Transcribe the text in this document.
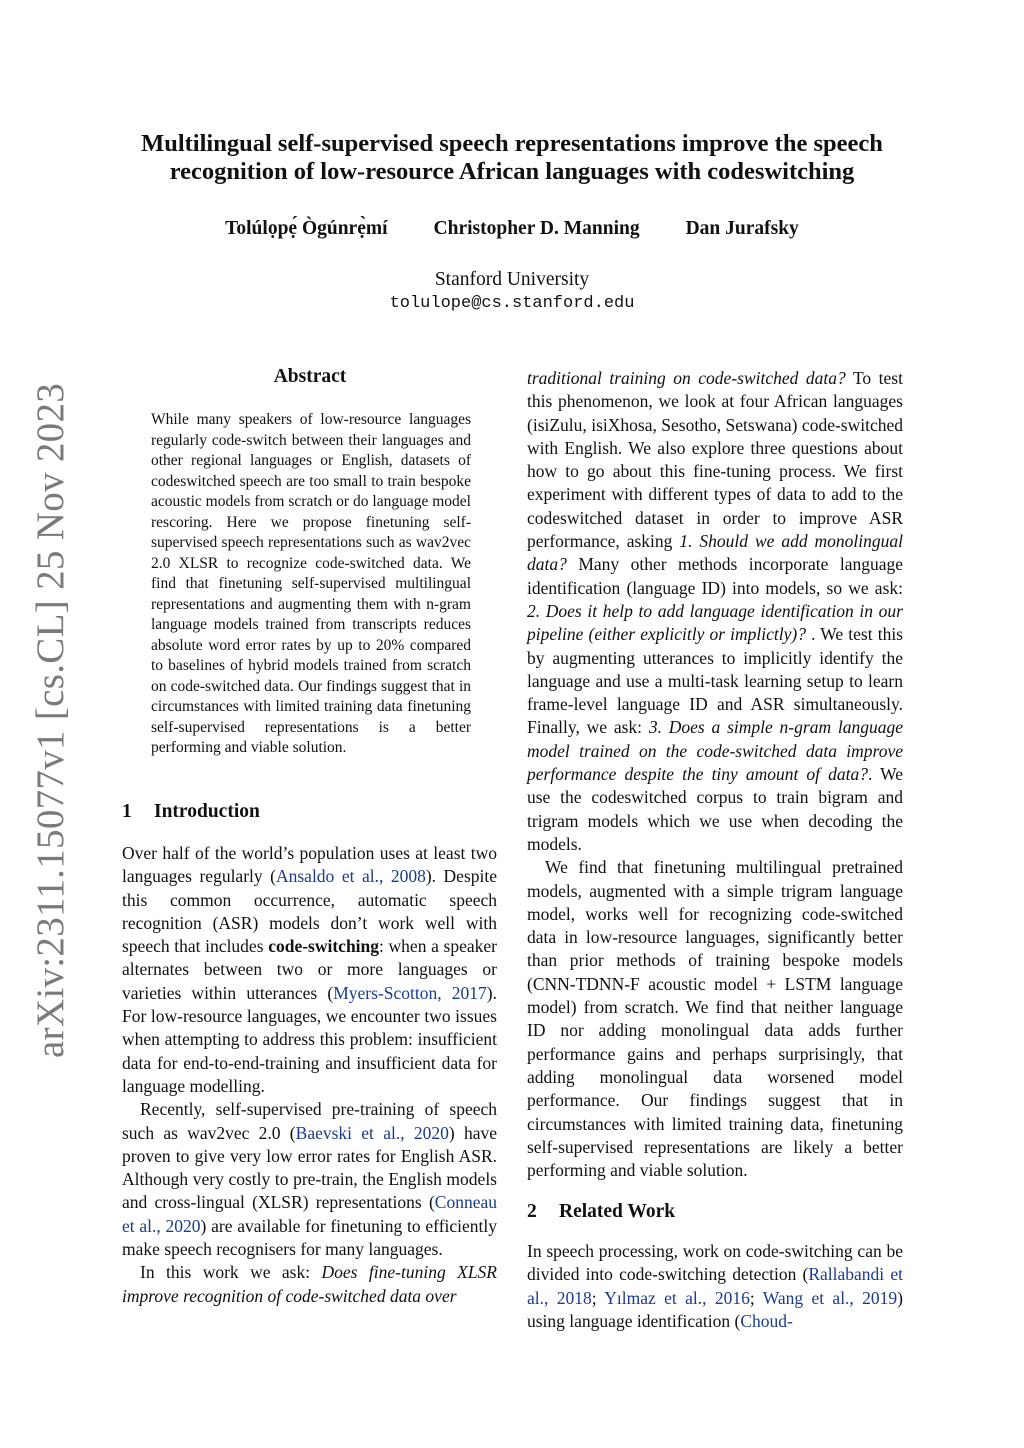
arXiv:2311.15077v1 [cs.CL] 25 Nov 2023
Multilingual self-supervised speech representations improve the speech recognition of low-resource African languages with codeswitching
Tolúlọpẹ́ Ògúnrẹ̀mí Christopher D. Manning Dan Jurafsky
Stanford University
tolulope@cs.stanford.edu
Abstract
While many speakers of low-resource languages regularly code-switch between their languages and other regional languages or English, datasets of codeswitched speech are too small to train bespoke acoustic models from scratch or do language model rescoring. Here we propose finetuning self-supervised speech representations such as wav2vec 2.0 XLSR to recognize code-switched data. We find that finetuning self-supervised multilingual representations and augmenting them with n-gram language models trained from transcripts reduces absolute word error rates by up to 20% compared to baselines of hybrid models trained from scratch on code-switched data. Our findings suggest that in circumstances with limited training data finetuning self-supervised representations is a better performing and viable solution.
1 Introduction

Over half of the world’s population uses at least two languages regularly (Ansaldo et al., 2008). Despite this common occurrence, automatic speech recognition (ASR) models don’t work well with speech that includes code-switching: when a speaker alternates between two or more languages or varieties within utterances (Myers-Scotton, 2017). For low-resource languages, we encounter two issues when attempting to address this problem: insufficient data for end-to-end-training and insufficient data for language modelling.

Recently, self-supervised pre-training of speech such as wav2vec 2.0 (Baevski et al., 2020) have proven to give very low error rates for English ASR. Although very costly to pre-train, the English models and cross-lingual (XLSR) representations (Conneau et al., 2020) are available for finetuning to efficiently make speech recognisers for many languages.

In this work we ask: Does fine-tuning XLSR improve recognition of code-switched data over

traditional training on code-switched data? To test this phenomenon, we look at four African languages (isiZulu, isiXhosa, Sesotho, Setswana) code-switched with English. We also explore three questions about how to go about this fine-tuning process. We first experiment with different types of data to add to the codeswitched dataset in order to improve ASR performance, asking 1. Should we add monolingual data? Many other methods incorporate language identification (language ID) into models, so we ask: 2. Does it help to add language identification in our pipeline (either explicitly or implictly)? . We test this by augmenting utterances to implicitly identify the language and use a multi-task learning setup to learn frame-level language ID and ASR simultaneously. Finally, we ask: 3. Does a simple n-gram language model trained on the code-switched data improve performance despite the tiny amount of data?. We use the codeswitched corpus to train bigram and trigram models which we use when decoding the models.

We find that finetuning multilingual pretrained models, augmented with a simple trigram language model, works well for recognizing code-switched data in low-resource languages, significantly better than prior methods of training bespoke models (CNN-TDNN-F acoustic model + LSTM language model) from scratch. We find that neither language ID nor adding monolingual data adds further performance gains and perhaps surprisingly, that adding monolingual data worsened model performance. Our findings suggest that in circumstances with limited training data, finetuning self-supervised representations are likely a better performing and viable solution.

2 Related Work

In speech processing, work on code-switching can be divided into code-switching detection (Rallabandi et al., 2018; Yılmaz et al., 2016; Wang et al., 2019) using language identification (Choud-
